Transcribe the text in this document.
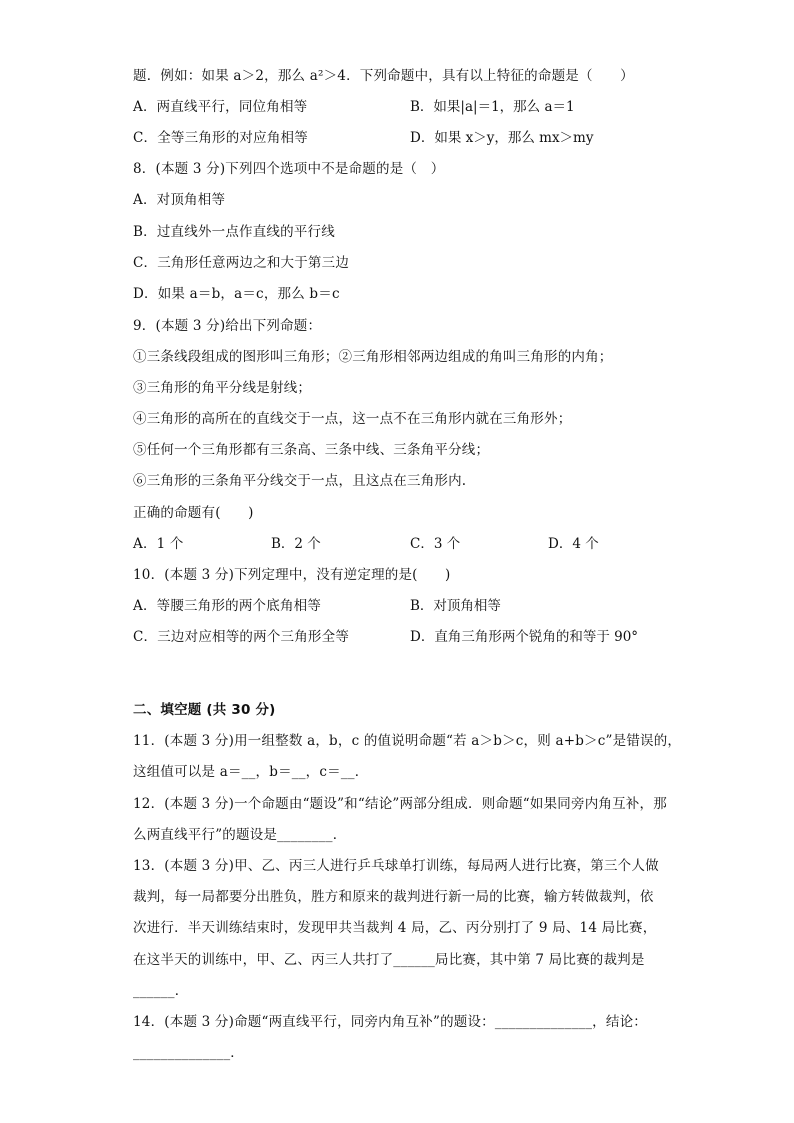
题．例如：如果 a＞2，那么 a²＞4．下列命题中，具有以上特征的命题是（　　）
A．两直线平行，同位角相等	B．如果|a|＝1，那么 a＝1
C．全等三角形的对应角相等	D．如果 x＞y，那么 mx＞my
8．(本题 3 分)下列四个选项中不是命题的是（　）
A．对顶角相等
B．过直线外一点作直线的平行线
C．三角形任意两边之和大于第三边
D．如果 a＝b，a＝c，那么 b＝c
9．(本题 3 分)给出下列命题：
①三条线段组成的图形叫三角形；②三角形相邻两边组成的角叫三角形的内角；
③三角形的角平分线是射线；
④三角形的高所在的直线交于一点，这一点不在三角形内就在三角形外；
⑤任何一个三角形都有三条高、三条中线、三条角平分线；
⑥三角形的三条角平分线交于一点，且这点在三角形内.
正确的命题有(　　)
A．1 个	B．2 个	C．3 个	D．4 个
10．(本题 3 分)下列定理中，没有逆定理的是(　　)
A．等腰三角形的两个底角相等	B．对顶角相等
C．三边对应相等的两个三角形全等	D．直角三角形两个锐角的和等于 90°
二、填空题 (共 30 分)
11．(本题 3 分)用一组整数 a，b，c 的值说明命题“若 a＞b＞c，则 a+b＞c”是错误的，
这组值可以是 a＝__，b＝__，c＝__．
12．(本题 3 分)一个命题由“题设”和“结论”两部分组成．则命题“如果同旁内角互补，那
么两直线平行”的题设是________．
13．(本题 3 分)甲、乙、丙三人进行乒乓球单打训练，每局两人进行比赛，第三个人做
裁判，每一局都要分出胜负，胜方和原来的裁判进行新一局的比赛，输方转做裁判，依
次进行．半天训练结束时，发现甲共当裁判 4 局，乙、丙分别打了 9 局、14 局比赛，
在这半天的训练中，甲、乙、丙三人共打了______局比赛，其中第 7 局比赛的裁判是
______．
14．(本题 3 分)命题“两直线平行，同旁内角互补”的题设：______________，结论：
______________．
